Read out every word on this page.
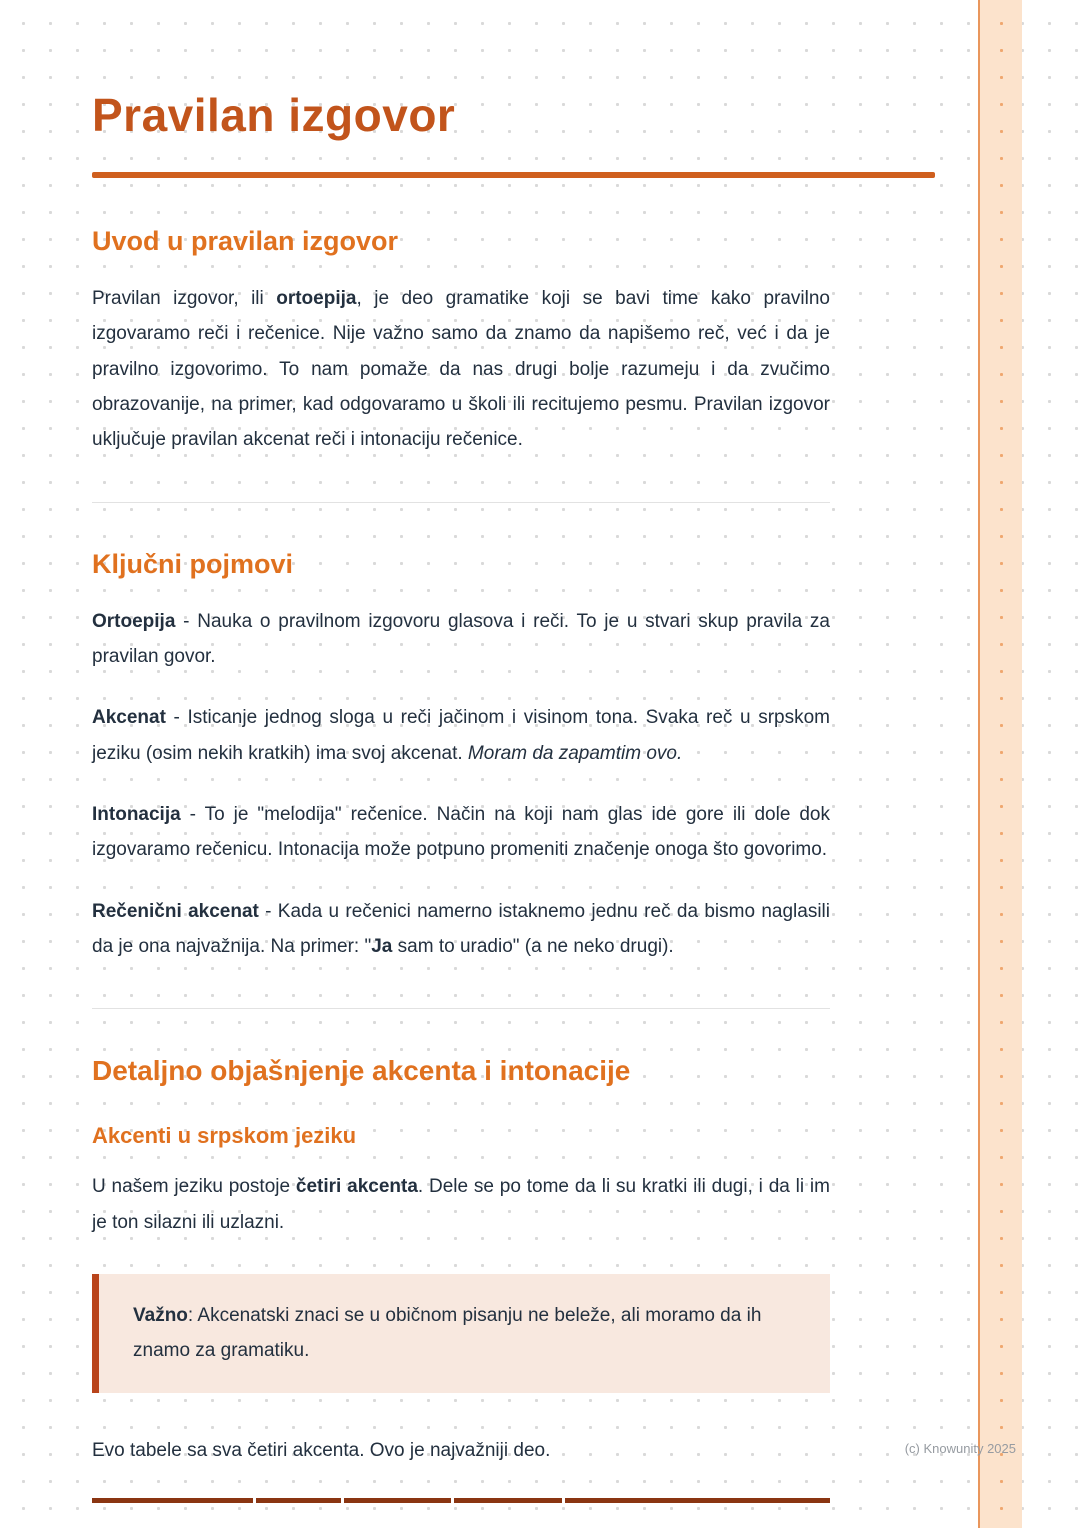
Pravilan izgovor
Uvod u pravilan izgovor

Pravilan izgovor, ili ortoepija, je deo gramatike koji se bavi time kako pravilno izgovaramo reči i rečenice. Nije važno samo da znamo da napišemo reč, već i da je pravilno izgovorimo. To nam pomaže da nas drugi bolje razumeju i da zvučimo obrazovanije, na primer, kad odgovaramo u školi ili recitujemo pesmu. Pravilan izgovor uključuje pravilan akcenat reči i intonaciju rečenice.

Ključni pojmovi

Ortoepija - Nauka o pravilnom izgovoru glasova i reči. To je u stvari skup pravila za pravilan govor.

Akcenat - Isticanje jednog sloga u reči jačinom i visinom tona. Svaka reč u srpskom jeziku (osim nekih kratkih) ima svoj akcenat. Moram da zapamtim ovo.

Intonacija - To je "melodija" rečenice. Način na koji nam glas ide gore ili dole dok izgovaramo rečenicu. Intonacija može potpuno promeniti značenje onoga što govorimo.

Rečenični akcenat - Kada u rečenici namerno istaknemo jednu reč da bismo naglasili da je ona najvažnija. Na primer: "Ja sam to uradio" (a ne neko drugi).

Detaljno objašnjenje akcenta i intonacije
Akcenti u srpskom jeziku

U našem jeziku postoje četiri akcenta. Dele se po tome da li su kratki ili dugi, i da li im je ton silazni ili uzlazni.

Važno: Akcenatski znaci se u običnom pisanju ne beleže, ali moramo da ih znamo za gramatiku.

Evo tabele sa sva četiri akcenta. Ovo je najvažniji deo.	(c) Knowunity 2025
